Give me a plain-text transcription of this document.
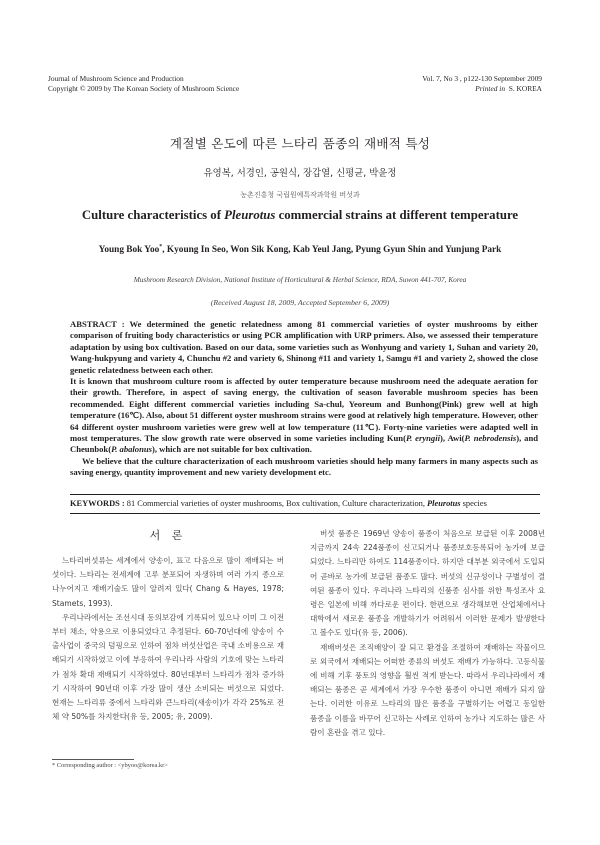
Journal of Mushroom Science and Production
Copyright © 2009 by The Korean Society of Mushroom Science
Vol. 7, No 3 , p122-130 September 2009
Printed in S. KOREA
계절별 온도에 따른 느타리 품종의 재배적 특성
유영복, 서경인, 공원식, 장갑열, 신평균, 박윤정
농촌진흥청 국립원예특작과학원 버섯과
Culture characteristics of Pleurotus commercial strains at different temperature
Young Bok Yoo*, Kyoung In Seo, Won Sik Kong, Kab Yeul Jang, Pyung Gyun Shin and Yunjung Park
Mushroom Research Division, National Institute of Horticultural & Herbal Science, RDA, Suwon 441-707, Korea
(Received August 18, 2009, Accepted September 6, 2009)

ABSTRACT : We determined the genetic relatedness among 81 commercial varieties of oyster mushrooms by either comparison of fruiting body characteristics or using PCR amplification with URP primers. Also, we assessed their temperature adaptation by using box cultivation. Based on our data, some varieties such as Wonhyung and variety 1, Suhan and variety 20, Wang-hukpyung and variety 4, Chunchu #2 and variety 6, Shinong #11 and variety 1, Samgu #1 and variety 2, showed the close genetic relatedness between each other.

It is known that mushroom culture room is affected by outer temperature because mushroom need the adequate aeration for their growth. Therefore, in aspect of saving energy, the cultivation of season favorable mushroom species has been recommended. Eight different commercial varieties including Sa-chul, Yeoreum and Bunhong(Pink) grew well at high temperature (16℃). Also, about 51 different oyster mushroom strains were good at relatively high temperature. However, other 64 different oyster mushroom varieties were grew well at low temperature (11℃). Forty-nine varieties were adapted well in most temperatures. The slow growth rate were observed in some varieties including Kun(P. eryngii), Awi(P. nebrodensis), and Cheunbok(P. abalonus), which are not suitable for box cultivation.

We believe that the culture characterization of each mushroom varieties should help many farmers in many aspects such as saving energy, quantity improvement and new variety development etc.

KEYWORDS : 81 Commercial varieties of oyster mushrooms, Box cultivation, Culture characterization, Pleurotus species
서 론

느타리버섯류는 세계에서 양송이, 표고 다음으로 많이 재배되는 버섯이다. 느타리는 전세계에 고루 분포되어 자생하며 여러 가지 종으로 나누어지고 재배기술도 많이 알려져 있다( Chang & Hayes, 1978; Stamets, 1993).

우리나라에서는 조선시대 동의보감에 기록되어 있으나 이미 그 이전부터 채소, 약용으로 이용되었다고 추정된다. 60-70년대에 양송이 수출사업이 중국의 덤핑으로 인하여 점차 버섯산업은 국내 소비용으로 재배되기 시작하였고 이에 부응하여 우리나라 사람의 기호에 맞는 느타리가 점차 확대 재배되기 시작하였다. 80년대부터 느타리가 점차 증가하기 시작하여 90년대 이후 가장 많이 생산 소비되는 버섯으로 되었다. 현재는 느타리류 중에서 느타리와 큰느타리(새송이)가 각각 25%로 전체 약 50%를 차지한다(유 등, 2005; 유, 2009).

버섯 품종은 1969년 양송이 품종이 처음으로 보급된 이후 2008년 지금까지 24속 224품종이 신고되거나 품종보호등록되어 농가에 보급되었다. 느타리만 하여도 114품종이다. 하지만 대부분 외국에서 도입되어 곧바로 농가에 보급된 품종도 많다. 버섯의 신규성이나 구별성이 결여된 품종이 있다. 우리나라 느타리의 신품종 심사를 위한 특성조사 요령은 일본에 비해 까다로운 편이다. 한편으로 생각해보면 산업체에서나 대학에서 새로운 품종을 개발하기가 어려워서 이러한 문제가 발생한다고 볼수도 있다(유 등, 2006).

재배버섯은 조직배양이 잘 되고 환경을 조절하여 재배하는 작물이므로 외국에서 재배되는 어떠한 종류의 버섯도 재배가 가능하다. 고등식물에 비해 기후 풍토의 영향을 훨씬 적게 받는다. 따라서 우리나라에서 재배되는 품종은 곧 세계에서 가장 우수한 품종이 아니면 재배가 되지 않는다. 이러한 이유로 느타리의 많은 품종을 구별하기는 어렵고 동일한 품종을 이름을 바꾸어 신고하는 사례로 인하여 농가나 지도하는 많은 사람이 혼란을 겪고 있다.

* Corresponding author : <ybyoo@korea.kr>
